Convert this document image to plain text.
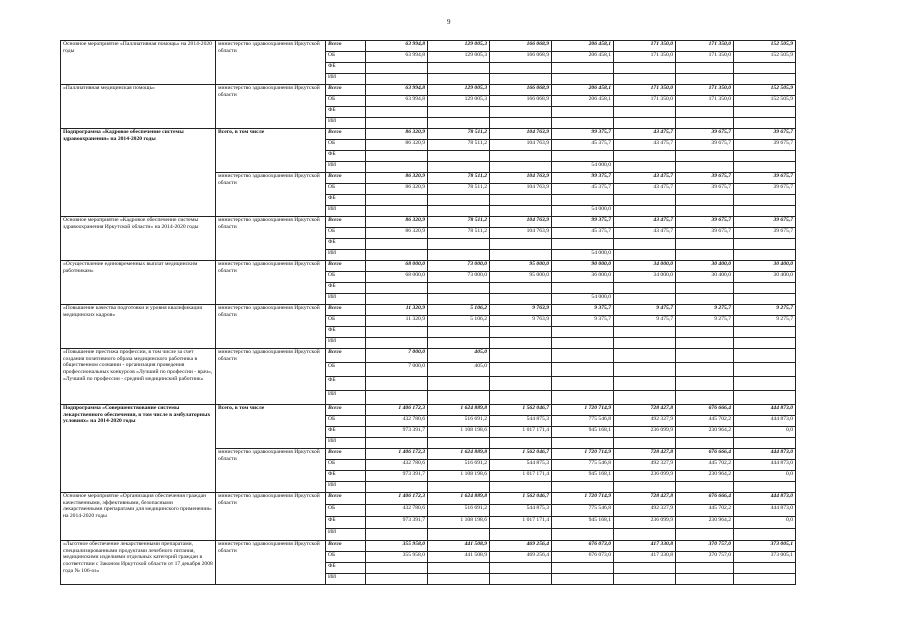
9
Основное мероприятие «Паллиативная помощь» на 2014-2020 годы	министерство здравоохранения Иркутской области	Всего	63 994,8	129 005,3	166 068,9	206 458,1	171 350,0	171 350,0	152 505,9
		ОБ	63 994,8	129 005,3	166 068,9	206 458,1	171 350,0	171 350,0	152 505,9
		ФБ							
		ИИ							
«Паллиативная медицинская помощь»	министерство здравоохранения Иркутской области	Всего	63 994,8	129 005,3	166 068,9	206 458,1	171 350,0	171 350,0	152 505,9
		ОБ	63 994,8	129 005,3	166 068,9	206 458,1	171 350,0	171 350,0	152 505,9
		ФБ							
		ИИ							
Подпрограмма «Кадровое обеспечение системы здравоохранения» на 2014-2020 годы	Всего, в том числе	Всего	86 320,9	78 511,2	104 763,9	99 375,7	43 475,7	39 675,7	39 675,7
		ОБ	86 320,9	78 511,2	104 763,9	45 375,7	43 475,7	39 675,7	39 675,7
		ФБ							
		ИИ				54 000,0			
	министерство здравоохранения Иркутской области	Всего	86 320,9	78 511,2	104 763,9	99 375,7	43 475,7	39 675,7	39 675,7
		ОБ	86 320,9	78 511,2	104 763,9	45 375,7	43 475,7	39 675,7	39 675,7
		ФБ							
		ИИ				54 000,0			
Основное мероприятие «Кадровое обеспечение системы здравоохранения Иркутской области» на 2014-2020 годы	министерство здравоохранения Иркутской области	Всего	86 320,9	78 511,2	104 763,9	99 375,7	43 475,7	39 675,7	39 675,7
		ОБ	86 320,9	78 511,2	104 763,9	45 375,7	43 475,7	39 675,7	39 675,7
		ФБ							
		ИИ				54 000,0			
«Осуществление единовременных выплат медицинским работникам»	министерство здравоохранения Иркутской области	Всего	68 000,0	73 000,0	95 000,0	90 000,0	34 000,0	30 400,0	30 400,0
		ОБ	68 000,0	73 000,0	95 000,0	36 000,0	34 000,0	30 400,0	30 400,0
		ФБ							
		ИИ				54 000,0			
«Повышение качества подготовки и уровня квалификации медицинских кадров»	министерство здравоохранения Иркутской области	Всего	11 320,9	5 106,2	9 763,9	9 375,7	9 475,7	9 275,7	9 275,7
		ОБ	11 320,9	5 106,2	9 763,9	9 375,7	9 475,7	9 275,7	9 275,7
		ФБ							
		ИИ							
«Повышение престижа профессии, в том числе за счет создания позитивного образа медицинского работника в общественном сознании - организация проведения профессиональных конкурсов «Лучший по профессии - врач», «Лучший по профессии - средний медицинский работник»	министерство здравоохранения Иркутской области	Всего	7 000,0	405,0					
		ОБ	7 000,0	405,0					
		ФБ							
		ИИ							
Подпрограмма «Совершенствование системы лекарственного обеспечения, в том числе в амбулаторных условиях» на 2014-2020 годы	Всего, в том числе	Всего	1 406 172,3	1 624 889,8	1 562 046,7	1 720 714,9	728 427,8	676 666,4	444 873,0
		ОБ	432 780,6	516 691,2	544 875,3	775 546,8	492 327,9	445 702,2	444 873,0
		ФБ	973 391,7	1 108 198,6	1 017 171,4	945 168,1	236 099,9	230 964,2	0,0
		ИИ							
	министерство здравоохранения Иркутской области	Всего	1 406 172,3	1 624 889,8	1 562 046,7	1 720 714,9	728 427,8	676 666,4	444 873,0
		ОБ	432 780,6	516 691,2	544 875,3	775 546,8	492 327,9	445 702,2	444 873,0
		ФБ	973 391,7	1 108 198,6	1 017 171,4	945 168,1	236 099,9	230 964,2	0,0
		ИИ							
Основное мероприятие «Организация обеспечения граждан качественными, эффективными, безопасными лекарственными препаратами для медицинского применения» на 2014-2020 годы	министерство здравоохранения Иркутской области	Всего	1 406 172,3	1 624 889,8	1 562 046,7	1 720 714,9	728 427,8	676 666,4	444 873,0
		ОБ	432 780,6	516 691,2	544 875,3	775 546,8	492 327,9	445 702,2	444 873,0
		ФБ	973 391,7	1 108 198,6	1 017 171,4	945 168,1	236 099,9	230 964,2	0,0
		ИИ							
«Льготное обеспечение лекарственными препаратами, специализированными продуктами лечебного питания, медицинскими изделиями отдельных категорий граждан в соответствии с Законом Иркутской области от 17 декабря 2008 года № 106-оз»	министерство здравоохранения Иркутской области	Всего	355 958,0	441 508,9	469 256,4	676 073,0	417 330,8	370 757,0	373 005,1
		ОБ	355 958,0	441 508,9	469 256,4	676 073,0	417 330,8	370 757,0	373 005,1
		ФБ							
		ИИ							
